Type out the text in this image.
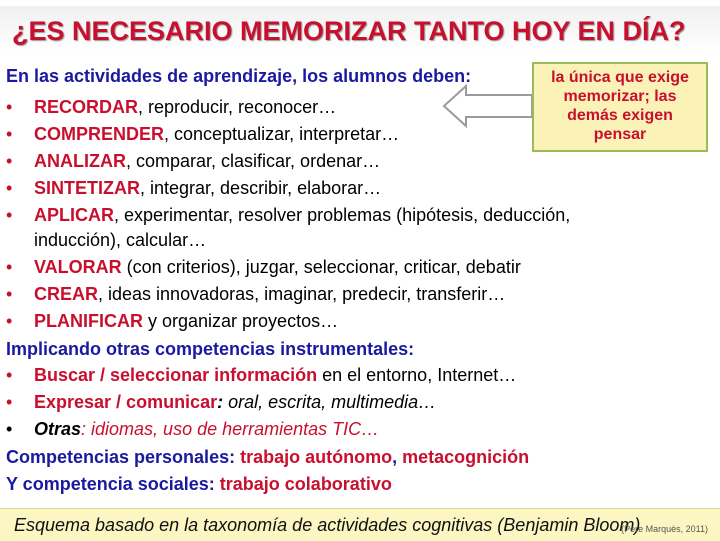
¿ES NECESARIO MEMORIZAR TANTO HOY EN DÍA?
En las actividades de aprendizaje, los alumnos deben:	la única que exige
memorizar; las
demás exigen
pensar
• RECORDAR, reproducir, reconocer…
• COMPRENDER, conceptualizar, interpretar…
• ANALIZAR, comparar, clasificar, ordenar…
• SINTETIZAR, integrar, describir, elaborar…
• APLICAR, experimentar, resolver problemas (hipótesis, deducción,
inducción), calcular…
• VALORAR (con criterios), juzgar, seleccionar, criticar, debatir
• CREAR, ideas innovadoras, imaginar, predecir, transferir…
• PLANIFICAR y organizar proyectos…
Implicando otras competencias instrumentales:
• Buscar / seleccionar información en el entorno, Internet…
• Expresar / comunicar: oral, escrita, multimedia…
• Otras: idiomas, uso de herramientas TIC…
Competencias personales: trabajo autónomo, metacognición
Y competencia sociales: trabajo colaborativo
Esquema basado en la taxonomía de actividades cognitivas (Benjamin Bloom)
(Pere Marquès, 2011)
